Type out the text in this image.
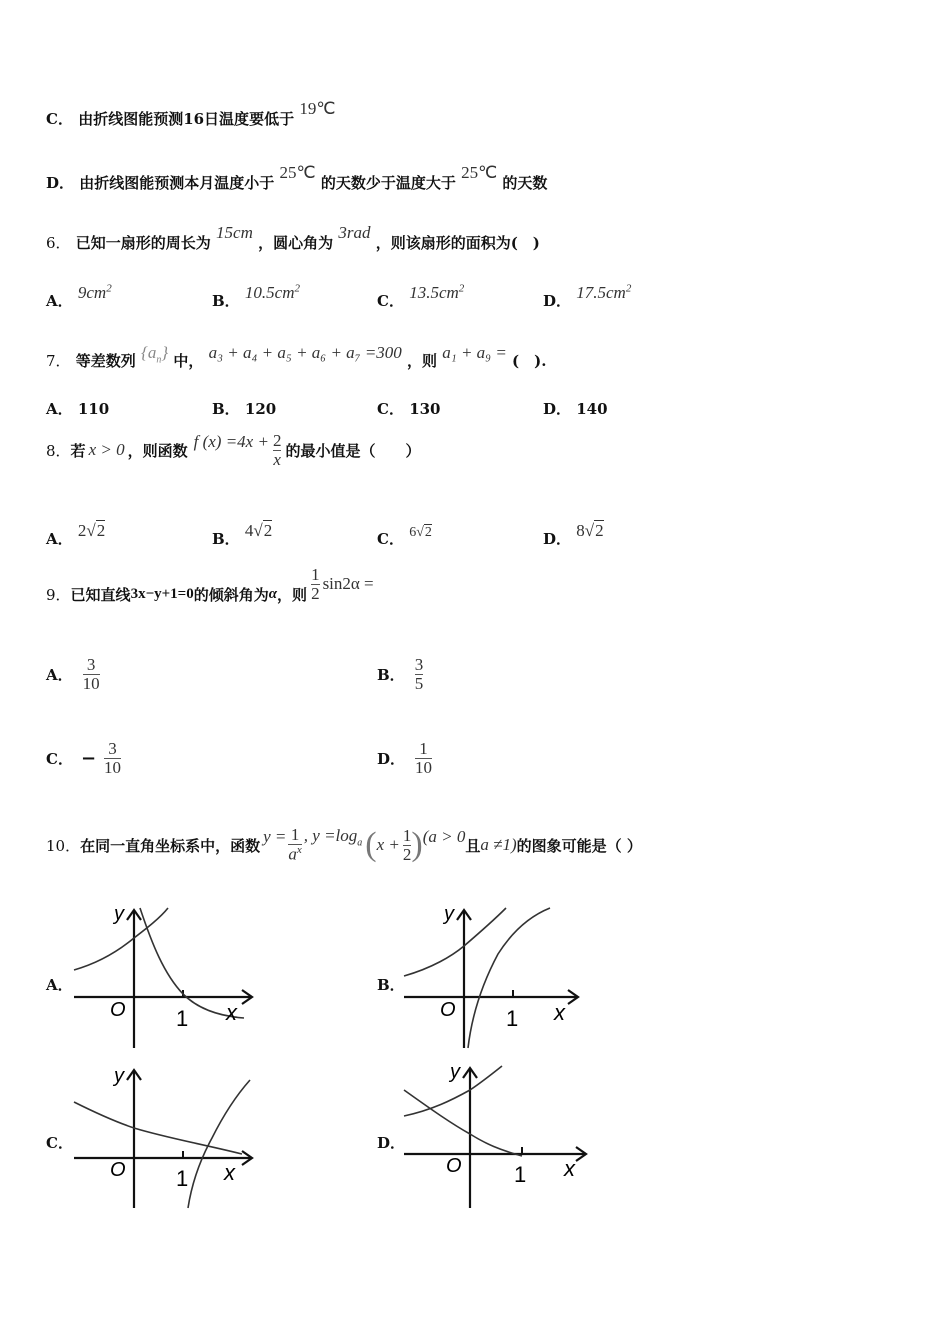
C． 由折线图能预测16日温度要低于 19℃
D． 由折线图能预测本月温度小于 25℃ 的天数少于温度大于 25℃ 的天数
6． 已知一扇形的周长为 15cm ，圆心角为 3rad ，则该扇形的面积为(　)
A． $9cm^2$
B． $10.5cm^2$
C． $13.5cm^2$
D． $17.5cm^2$
7． 等差数列 $\{a_n\}$ 中， a₃ + a₄ + a₅ + a₆ + a₇ =300 ，则 a₁ + a₉ = (　).
A． 110	B． 120	C． 130	D． 140
8． 若 x > 0 ，则函数 f $(x) =4x + \frac{2}{x}$ 的最小值是（　　）
A． 2√2	B． 4√2	C． 6√2	D． 8√2
9． 已知直线 3x−y+1=0 的倾斜角为 α ，则 $\frac{1}{2} \sin 2\alpha$ =
A． $\frac{3}{10}$	B． $\frac{3}{5}$
C． − $\frac{3}{10}$	D． $\frac{1}{10}$
10． 在同一直角坐标系中，函数 $y = \frac{1}{a^x}$ , $y =\log_a$ ( $x + \frac{1}{2}$ ) (a > 0 且 a ≠1) 的图象可能是（ ）
A．	B．
C．	D．
O 1 x
y
O 1 x
y
O 1 x
y
O 1 x
y
